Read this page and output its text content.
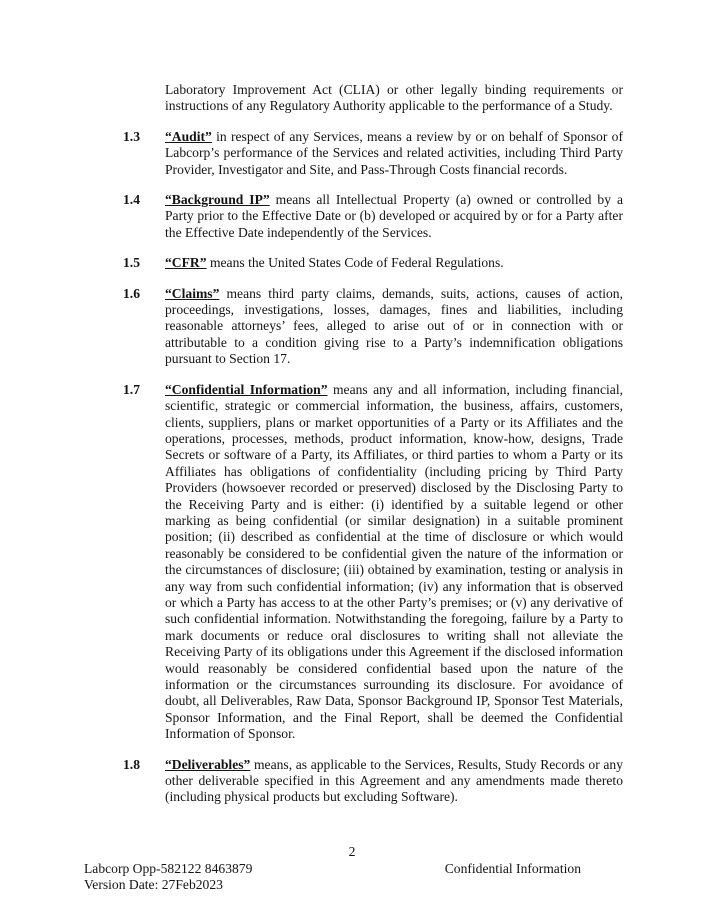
Laboratory Improvement Act (CLIA) or other legally binding requirements or instructions of any Regulatory Authority applicable to the performance of a Study.

1.3 “Audit” in respect of any Services, means a review by or on behalf of Sponsor of Labcorp’s performance of the Services and related activities, including Third Party Provider, Investigator and Site, and Pass-Through Costs financial records.

1.4 “Background IP” means all Intellectual Property (a) owned or controlled by a Party prior to the Effective Date or (b) developed or acquired by or for a Party after the Effective Date independently of the Services.

1.5 “CFR” means the United States Code of Federal Regulations.

1.6 “Claims” means third party claims, demands, suits, actions, causes of action, proceedings, investigations, losses, damages, fines and liabilities, including reasonable attorneys’ fees, alleged to arise out of or in connection with or attributable to a condition giving rise to a Party’s indemnification obligations pursuant to Section 17.

1.7 “Confidential Information” means any and all information, including financial, scientific, strategic or commercial information, the business, affairs, customers, clients, suppliers, plans or market opportunities of a Party or its Affiliates and the operations, processes, methods, product information, know-how, designs, Trade Secrets or software of a Party, its Affiliates, or third parties to whom a Party or its Affiliates has obligations of confidentiality (including pricing by Third Party Providers (howsoever recorded or preserved) disclosed by the Disclosing Party to the Receiving Party and is either: (i) identified by a suitable legend or other marking as being confidential (or similar designation) in a suitable prominent position; (ii) described as confidential at the time of disclosure or which would reasonably be considered to be confidential given the nature of the information or the circumstances of disclosure; (iii) obtained by examination, testing or analysis in any way from such confidential information; (iv) any information that is observed or which a Party has access to at the other Party’s premises; or (v) any derivative of such confidential information. Notwithstanding the foregoing, failure by a Party to mark documents or reduce oral disclosures to writing shall not alleviate the Receiving Party of its obligations under this Agreement if the disclosed information would reasonably be considered confidential based upon the nature of the information or the circumstances surrounding its disclosure. For avoidance of doubt, all Deliverables, Raw Data, Sponsor Background IP, Sponsor Test Materials, Sponsor Information, and the Final Report, shall be deemed the Confidential Information of Sponsor.

1.8 “Deliverables” means, as applicable to the Services, Results, Study Records or any other deliverable specified in this Agreement and any amendments made thereto (including physical products but excluding Software).

2
Labcorp Opp-582122 8463879
Version Date: 27Feb2023
Confidential Information
